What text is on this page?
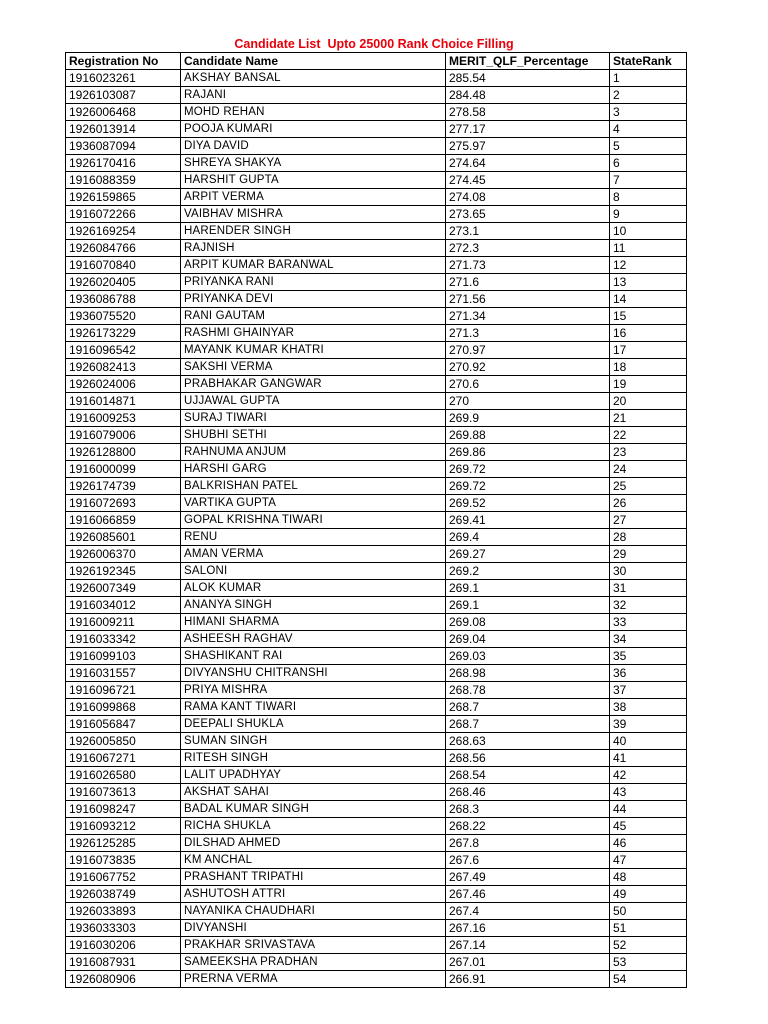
Candidate List  Upto 25000 Rank Choice Filling
Registration No	Candidate Name	MERIT_QLF_Percentage	StateRank
1916023261	AKSHAY BANSAL	285.54	1
1926103087	RAJANI	284.48	2
1926006468	MOHD REHAN	278.58	3
1926013914	POOJA KUMARI	277.17	4
1936087094	DIYA DAVID	275.97	5
1926170416	SHREYA SHAKYA	274.64	6
1916088359	HARSHIT GUPTA	274.45	7
1926159865	ARPIT VERMA	274.08	8
1916072266	VAIBHAV MISHRA	273.65	9
1926169254	HARENDER SINGH	273.1	10
1926084766	RAJNISH	272.3	11
1916070840	ARPIT KUMAR BARANWAL	271.73	12
1926020405	PRIYANKA RANI	271.6	13
1936086788	PRIYANKA DEVI	271.56	14
1936075520	RANI GAUTAM	271.34	15
1926173229	RASHMI GHAINYAR	271.3	16
1916096542	MAYANK KUMAR KHATRI	270.97	17
1926082413	SAKSHI VERMA	270.92	18
1926024006	PRABHAKAR GANGWAR	270.6	19
1916014871	UJJAWAL GUPTA	270	20
1916009253	SURAJ TIWARI	269.9	21
1916079006	SHUBHI SETHI	269.88	22
1926128800	RAHNUMA ANJUM	269.86	23
1916000099	HARSHI GARG	269.72	24
1926174739	BALKRISHAN PATEL	269.72	25
1916072693	VARTIKA GUPTA	269.52	26
1916066859	GOPAL KRISHNA TIWARI	269.41	27
1926085601	RENU	269.4	28
1926006370	AMAN VERMA	269.27	29
1926192345	SALONI	269.2	30
1926007349	ALOK KUMAR	269.1	31
1916034012	ANANYA SINGH	269.1	32
1916009211	HIMANI SHARMA	269.08	33
1916033342	ASHEESH RAGHAV	269.04	34
1916099103	SHASHIKANT RAI	269.03	35
1916031557	DIVYANSHU CHITRANSHI	268.98	36
1916096721	PRIYA MISHRA	268.78	37
1916099868	RAMA KANT TIWARI	268.7	38
1916056847	DEEPALI SHUKLA	268.7	39
1926005850	SUMAN SINGH	268.63	40
1916067271	RITESH SINGH	268.56	41
1916026580	LALIT UPADHYAY	268.54	42
1916073613	AKSHAT SAHAI	268.46	43
1916098247	BADAL KUMAR SINGH	268.3	44
1916093212	RICHA SHUKLA	268.22	45
1926125285	DILSHAD AHMED	267.8	46
1916073835	KM ANCHAL	267.6	47
1916067752	PRASHANT TRIPATHI	267.49	48
1926038749	ASHUTOSH ATTRI	267.46	49
1926033893	NAYANIKA CHAUDHARI	267.4	50
1936033303	DIVYANSHI	267.16	51
1916030206	PRAKHAR SRIVASTAVA	267.14	52
1916087931	SAMEEKSHA PRADHAN	267.01	53
1926080906	PRERNA VERMA	266.91	54
